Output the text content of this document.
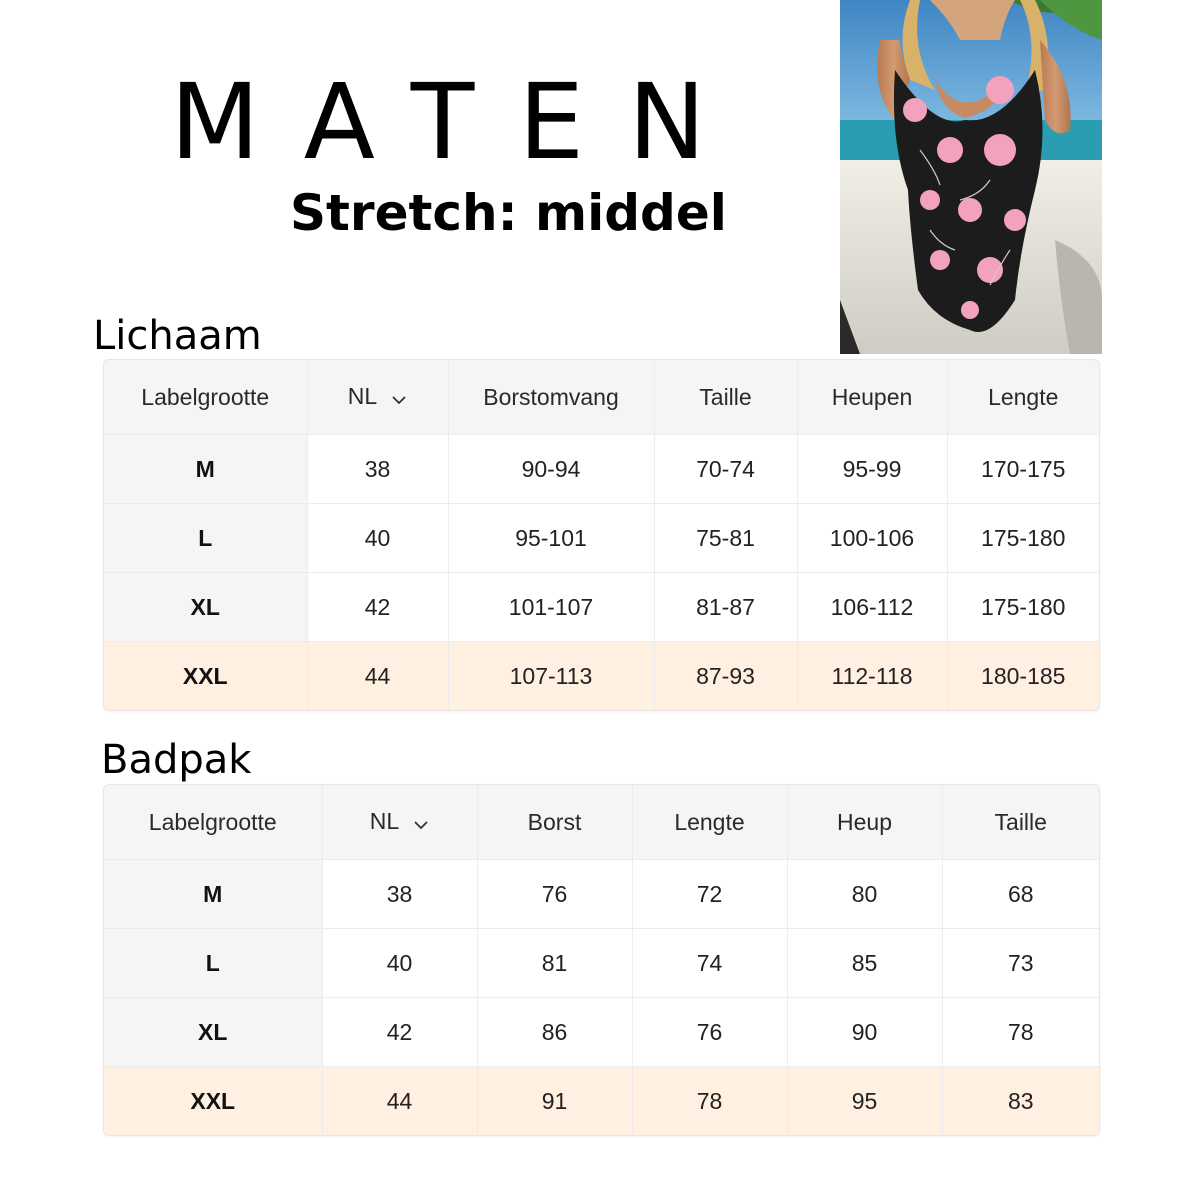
MATEN
Stretch: middel
Lichaam
Labelgrootte	NL	Borstomvang	Taille	Heupen	Lengte
M	38	90-94	70-74	95-99	170-175
L	40	95-101	75-81	100-106	175-180
XL	42	101-107	81-87	106-112	175-180
XXL	44	107-113	87-93	112-118	180-185
Badpak
Labelgrootte	NL	Borst	Lengte	Heup	Taille
M	38	76	72	80	68
L	40	81	74	85	73
XL	42	86	76	90	78
XXL	44	91	78	95	83
